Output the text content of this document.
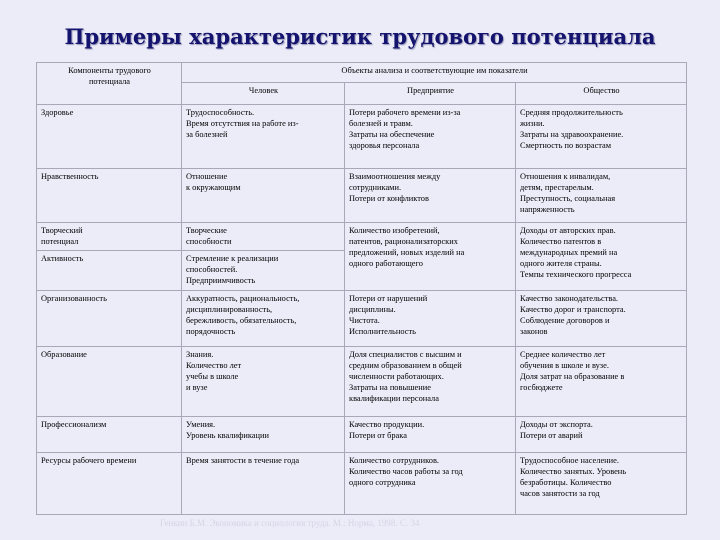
Примеры характеристик трудового потенциала
Компоненты трудового
потенциала	Объекты анализа и соответствующие им показатели		
	Человек	Предприятие	Общество
Здоровье	Трудоспособность.
Время отсутствия на работе из-
за болезней	Потери рабочего времени из-за
болезней и травм.
Затраты на обеспечение
здоровья персонала	Средняя продолжительность
жизни.
Затраты на здравоохранение.
Смертность по возрастам

Нравственность	Отношение
к окружающим	Взаимоотношения между
сотрудниками.
Потери от конфликтов	Отношения к инвалидам,
детям, престарелым.
Преступность, социальная
напряженность

Творческий
потенциал	Творческие
способности	Количество изобретений,
патентов, рационализаторских
предложений, новых изделий на
одного работающего	Доходы от авторских прав.
Количество патентов в
международных премий на
одного жителя страны.
Темпы технического прогресса

Активность	Стремление к реализации
способностей.
Предприимчивость		

Организованность	Аккуратность, рациональность,
дисциплинированность,
бережливость, обязательность,
порядочность	Потери от нарушений
дисциплины.
Чистота.
Исполнительность	Качество законодательства.
Качество дорог и транспорта.
Соблюдение договоров и
законов

Образование	Знания.
Количество лет
учебы в школе
и вузе	Доля специалистов с высшим и
средним образованием в общей
численности работающих.
Затраты на повышение
квалификации персонала	Среднее количество лет
обучения в школе и вузе.
Доля затрат на образование в
госбюджете

Профессионализм	Умения.
Уровень квалификации	Качество продукции.
Потери от брака	Доходы от экспорта.
Потери от аварий

Ресурсы рабочего времени	Время занятости в течение года	Количество сотрудников.
Количество часов работы за год
одного сотрудника	Трудоспособное население.
Количество занятых. Уровень
безработицы. Количество
часов занятости за год
Генкин Б.М. Экономика и социология труда. М.: Норма, 1998. С. 34
